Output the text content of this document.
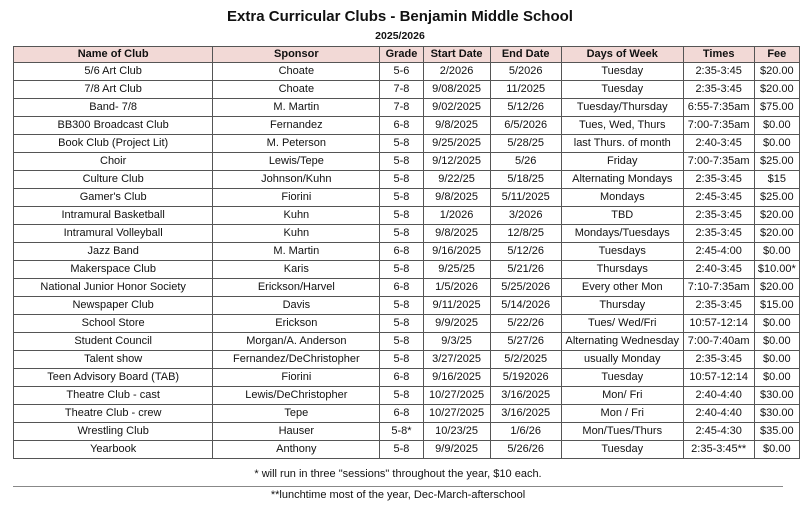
Extra Curricular Clubs - Benjamin Middle School
2025/2026
Name of Club	Sponsor	Grade	Start Date	End Date	Days of Week	Times	Fee
5/6 Art Club	Choate	5-6	2/2026	5/2026	Tuesday	2:35-3:45	$20.00
7/8 Art Club	Choate	7-8	9/08/2025	11/2025	Tuesday	2:35-3:45	$20.00
Band- 7/8	M. Martin	7-8	9/02/2025	5/12/26	Tuesday/Thursday	6:55-7:35am	$75.00
BB300 Broadcast Club	Fernandez	6-8	9/8/2025	6/5/2026	Tues, Wed, Thurs	7:00-7:35am	$0.00
Book Club (Project Lit)	M. Peterson	5-8	9/25/2025	5/28/25	last Thurs. of month	2:40-3:45	$0.00
Choir	Lewis/Tepe	5-8	9/12/2025	5/26	Friday	7:00-7:35am	$25.00
Culture Club	Johnson/Kuhn	5-8	9/22/25	5/18/25	Alternating Mondays	2:35-3:45	$15
Gamer's Club	Fiorini	5-8	9/8/2025	5/11/2025	Mondays	2:45-3:45	$25.00
Intramural Basketball	Kuhn	5-8	1/2026	3/2026	TBD	2:35-3:45	$20.00
Intramural Volleyball	Kuhn	5-8	9/8/2025	12/8/25	Mondays/Tuesdays	2:35-3:45	$20.00
Jazz Band	M. Martin	6-8	9/16/2025	5/12/26	Tuesdays	2:45-4:00	$0.00
Makerspace Club	Karis	5-8	9/25/25	5/21/26	Thursdays	2:40-3:45	$10.00*
National Junior Honor Society	Erickson/Harvel	6-8	1/5/2026	5/25/2026	Every other Mon	7:10-7:35am	$20.00
Newspaper Club	Davis	5-8	9/11/2025	5/14/2026	Thursday	2:35-3:45	$15.00
School Store	Erickson	5-8	9/9/2025	5/22/26	Tues/ Wed/Fri	10:57-12:14	$0.00
Student Council	Morgan/A. Anderson	5-8	9/3/25	5/27/26	Alternating Wednesday	7:00-7:40am	$0.00
Talent show	Fernandez/DeChristopher	5-8	3/27/2025	5/2/2025	usually Monday	2:35-3:45	$0.00
Teen Advisory Board (TAB)	Fiorini	6-8	9/16/2025	5/192026	Tuesday	10:57-12:14	$0.00
Theatre Club - cast	Lewis/DeChristopher	5-8	10/27/2025	3/16/2025	Mon/ Fri	2:40-4:40	$30.00
Theatre Club - crew	Tepe	6-8	10/27/2025	3/16/2025	Mon / Fri	2:40-4:40	$30.00
Wrestling Club	Hauser	5-8*	10/23/25	1/6/26	Mon/Tues/Thurs	2:45-4:30	$35.00
Yearbook	Anthony	5-8	9/9/2025	5/26/26	Tuesday	2:35-3:45**	$0.00
* will run in three "sessions" throughout the year, $10 each.
**lunchtime most of the year, Dec-March-afterschool
